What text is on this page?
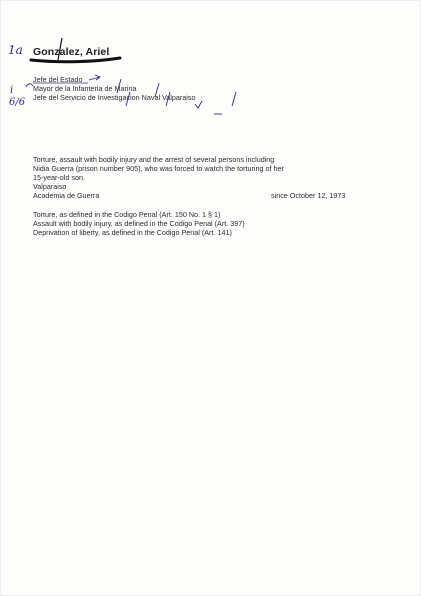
1a
i
6/6
Gonzalez, Ariel
Jefe del Estado
Mayor de la Infanteria de Marina
Jefe del Servicio de Investigacion Naval Valparaiso
Torture, assault with bodily injury and the arrest of several persons including
Nidia Guerra (prison number 905), who was forced to watch the torturing of her
15-year-old son.
Valparaiso
Academia de Guerra	since October 12, 1973
Torture, as defined in the Codigo Penal (Art. 150 No. 1 § 1)
Assault with bodily injury, as defined in the Codigo Penal (Art. 397)
Deprivation of liberty, as defined in the Codigo Penal (Art. 141)
